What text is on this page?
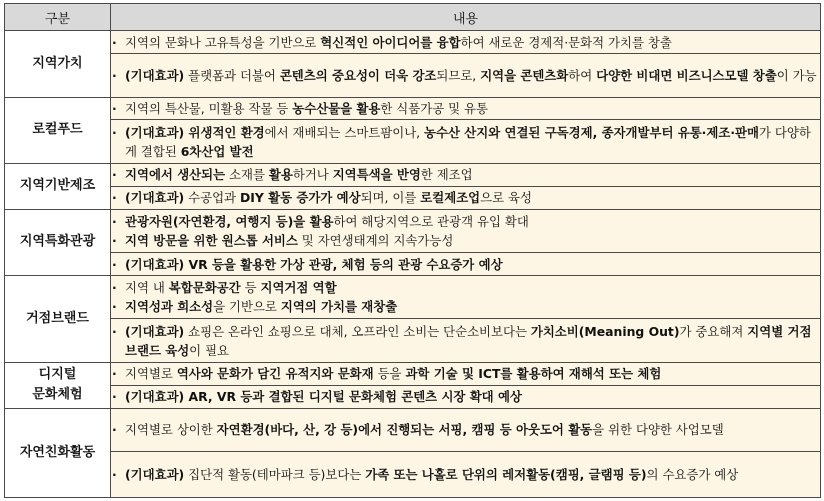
구분	내용
지역가치	· 지역의 문화나 고유특성을 기반으로 혁신적인 아이디어를 융합하여 새로운 경제적·문화적 가치를 창출

	· (기대효과) 플랫폼과 더불어 콘텐츠의 중요성이 더욱 강조되므로, 지역을 콘텐츠화하여 다양한 비대면 비즈니스모델 창출이 가능

로컬푸드	· 지역의 특산물, 미활용 작물 등 농수산물을 활용한 식품가공 및 유통

	· (기대효과) 위생적인 환경에서 재배되는 스마트팜이나, 농수산 산지와 연결된 구독경제, 종자개발부터 유통·제조·판매가 다양하게 결합된 6차산업 발전

지역기반제조	· 지역에서 생산되는 소재를 활용하거나 지역특색을 반영한 제조업

	· (기대효과) 수공업과 DIY 활동 증가가 예상되며, 이를 로컬제조업으로 육성

지역특화관광	· 관광자원(자연환경, 여행지 등)을 활용하여 해당지역으로 관광객 유입 확대
· 지역 방문을 위한 원스톱 서비스 및 자연생태계의 지속가능성

	· (기대효과) VR 등을 활용한 가상 관광, 체험 등의 관광 수요증가 예상

거점브랜드	· 지역 내 복합문화공간 등 지역거점 역할
· 지역성과 희소성을 기반으로 지역의 가치를 재창출

	· (기대효과) 쇼핑은 온라인 쇼핑으로 대체, 오프라인 소비는 단순소비보다는 가치소비(Meaning Out)가 중요해져 지역별 거점브랜드 육성이 필요

디지털
문화체험	· 지역별로 역사와 문화가 담긴 유적지와 문화재 등을 과학 기술 및 ICT를 활용하여 재해석 또는 체험

	· (기대효과) AR, VR 등과 결합된 디지털 문화체험 콘텐츠 시장 확대 예상

자연친화활동	· 지역별로 상이한 자연환경(바다, 산, 강 등)에서 진행되는 서핑, 캠핑 등 아웃도어 활동을 위한 다양한 사업모델

	· (기대효과) 집단적 활동(테마파크 등)보다는 가족 또는 나홀로 단위의 레저활동(캠핑, 글램핑 등)의 수요증가 예상
